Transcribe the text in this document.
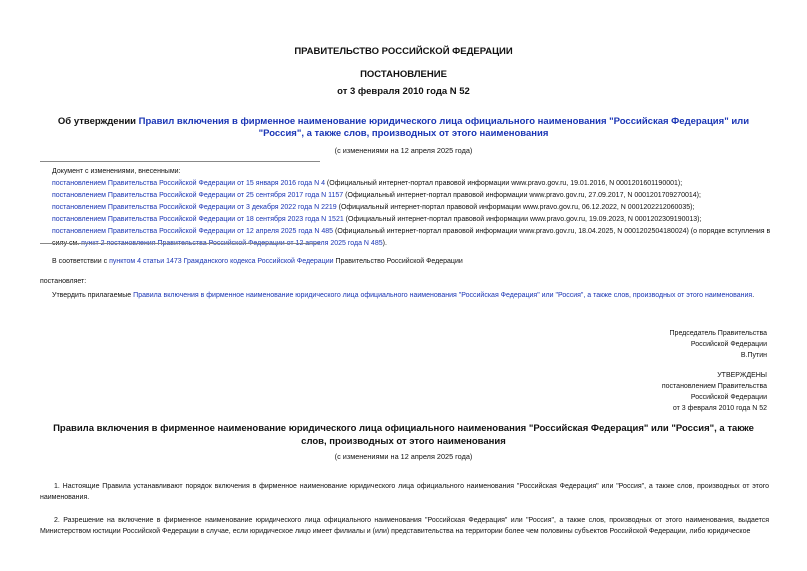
ПРАВИТЕЛЬСТВО РОССИЙСКОЙ ФЕДЕРАЦИИ
ПОСТАНОВЛЕНИЕ
от 3 февраля 2010 года N 52
Об утверждении Правил включения в фирменное наименование юридического лица официального наименования "Российская Федерация" или "Россия", а также слов, производных от этого наименования
(с изменениями на 12 апреля 2025 года)
Документ с изменениями, внесенными:
постановлением Правительства Российской Федерации от 15 января 2016 года N 4 (Официальный интернет-портал правовой информации www.pravo.gov.ru, 19.01.2016, N 0001201601190001);
постановлением Правительства Российской Федерации от 25 сентября 2017 года N 1157 (Официальный интернет-портал правовой информации www.pravo.gov.ru, 27.09.2017, N 0001201709270014);
постановлением Правительства Российской Федерации от 3 декабря 2022 года N 2219 (Официальный интернет-портал правовой информации www.pravo.gov.ru, 06.12.2022, N 0001202212060035);
постановлением Правительства Российской Федерации от 18 сентября 2023 года N 1521 (Официальный интернет-портал правовой информации www.pravo.gov.ru, 19.09.2023, N 0001202309190013);
постановлением Правительства Российской Федерации от 12 апреля 2025 года N 485 (Официальный интернет-портал правовой информации www.pravo.gov.ru, 18.04.2025, N 0001202504180024) (о порядке вступления в силу см. пункт 2 постановления Правительства Российской Федерации от 12 апреля 2025 года N 485).
В соответствии с пунктом 4 статьи 1473 Гражданского кодекса Российской Федерации Правительство Российской Федерации
постановляет:
Утвердить прилагаемые Правила включения в фирменное наименование юридического лица официального наименования "Российская Федерация" или "Россия", а также слов, производных от этого наименования.
Председатель Правительства
Российской Федерации
В.Путин
УТВЕРЖДЕНЫ
постановлением Правительства
Российской Федерации
от 3 февраля 2010 года N 52
Правила включения в фирменное наименование юридического лица официального наименования "Российская Федерация" или "Россия", а также слов, производных от этого наименования
(с изменениями на 12 апреля 2025 года)
1. Настоящие Правила устанавливают порядок включения в фирменное наименование юридического лица официального наименования "Российская Федерация" или "Россия", а также слов, производных от этого наименования.
2. Разрешение на включение в фирменное наименование юридического лица официального наименования "Российская Федерация" или "Россия", а также слов, производных от этого наименования, выдается Министерством юстиции Российской Федерации в случае, если юридическое лицо имеет филиалы и (или) представительства на территории более чем половины субъектов Российской Федерации, либо юридическое
